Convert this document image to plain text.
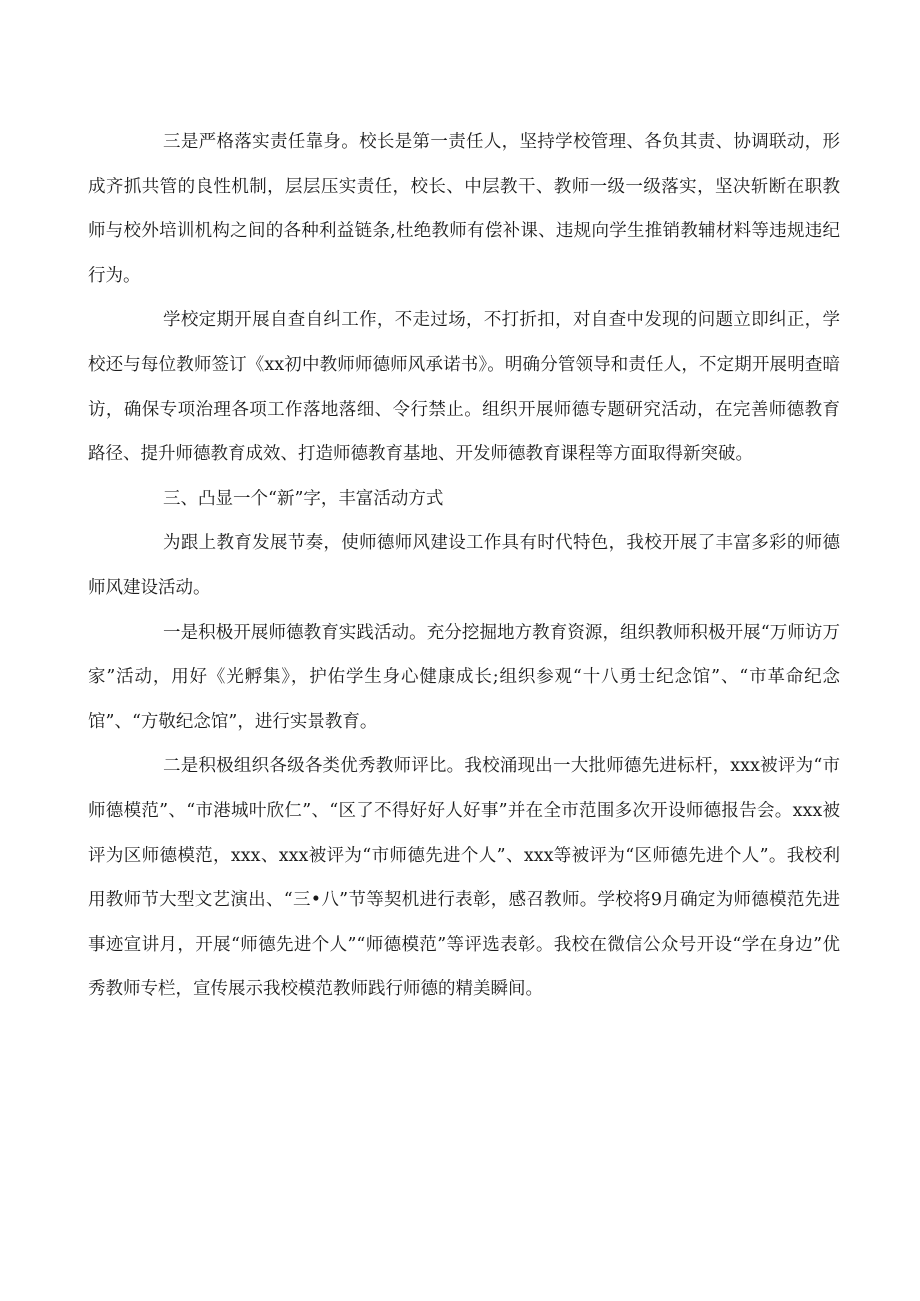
三是严格落实责任靠身。校长是第一责任人，坚持学校管理、各负其责、协调联动，形成齐抓共管的良性机制，层层压实责任，校长、中层教干、教师一级一级落实，坚决斩断在职教师与校外培训机构之间的各种利益链条,杜绝教师有偿补课、违规向学生推销教辅材料等违规违纪行为。

学校定期开展自查自纠工作，不走过场，不打折扣，对自查中发现的问题立即纠正，学校还与每位教师签订《xx初中教师师德师风承诺书》。明确分管领导和责任人，不定期开展明查暗访，确保专项治理各项工作落地落细、令行禁止。组织开展师德专题研究活动，在完善师德教育路径、提升师德教育成效、打造师德教育基地、开发师德教育课程等方面取得新突破。

三、凸显一个“新”字，丰富活动方式

为跟上教育发展节奏，使师德师风建设工作具有时代特色，我校开展了丰富多彩的师德师风建设活动。

一是积极开展师德教育实践活动。充分挖掘地方教育资源，组织教师积极开展“万师访万家”活动，用好《光孵集》，护佑学生身心健康成长;组织参观“十八勇士纪念馆”、“市革命纪念馆”、“方敬纪念馆”，进行实景教育。

二是积极组织各级各类优秀教师评比。我校涌现出一大批师德先进标杆，xxx被评为“市师德模范”、“市港城叶欣仁”、“区了不得好好人好事”并在全市范围多次开设师德报告会。xxx被评为区师德模范，xxx、xxx被评为“市师德先进个人”、xxx等被评为“区师德先进个人”。我校利用教师节大型文艺演出、“三•八”节等契机进行表彰，感召教师。学校将9月确定为师德模范先进事迹宣讲月，开展“师德先进个人”“师德模范”等评选表彰。我校在微信公众号开设“学在身边”优秀教师专栏，宣传展示我校模范教师践行师德的精美瞬间。
